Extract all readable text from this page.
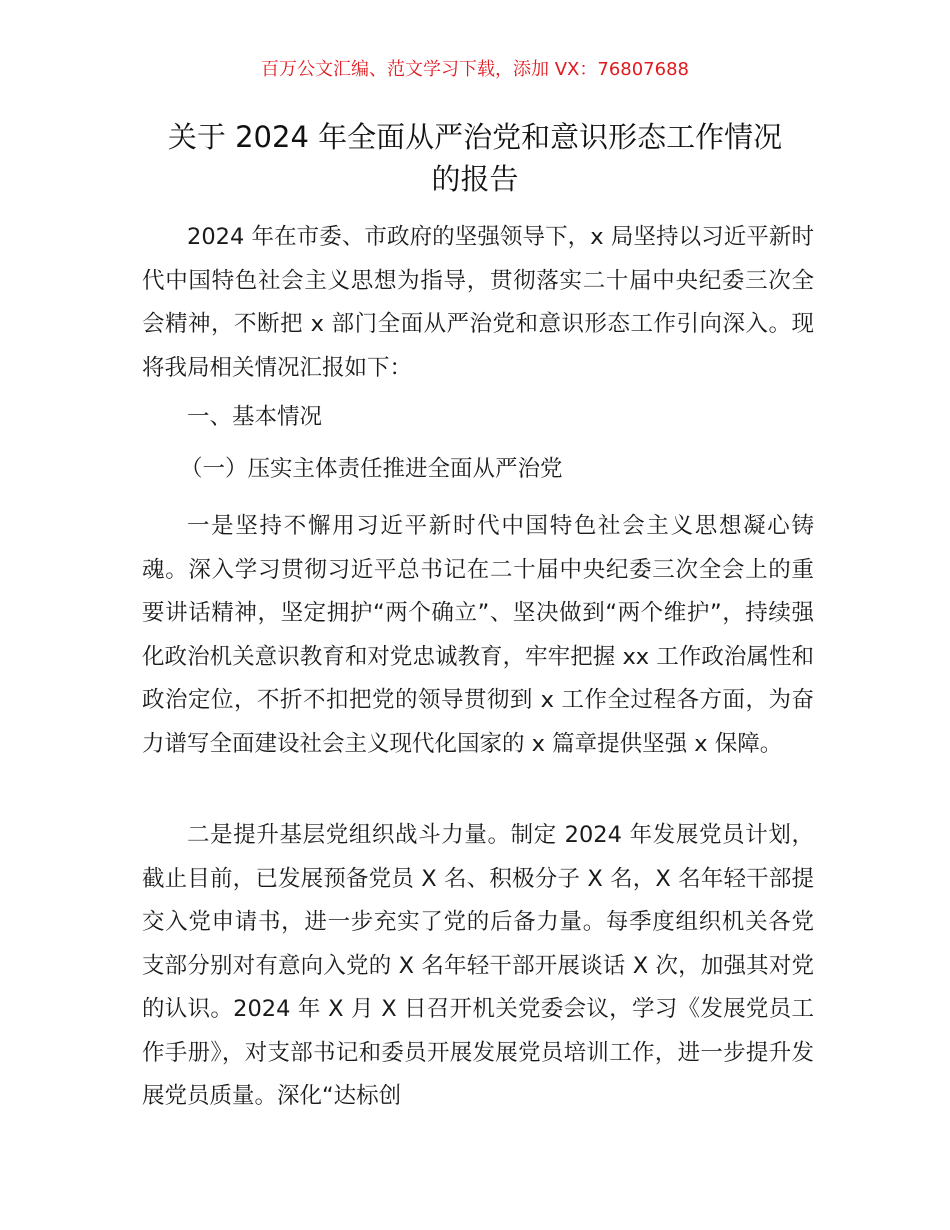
百万公文汇编、范文学习下载，添加 VX：76807688
关于 2024 年全面从严治党和意识形态工作情况
的报告

2024 年在市委、市政府的坚强领导下，x 局坚持以习近平新时代中国特色社会主义思想为指导，贯彻落实二十届中央纪委三次全会精神，不断把 x 部门全面从严治党和意识形态工作引向深入。现将我局相关情况汇报如下：

一、基本情况

（一）压实主体责任推进全面从严治党

一是坚持不懈用习近平新时代中国特色社会主义思想凝心铸魂。深入学习贯彻习近平总书记在二十届中央纪委三次全会上的重要讲话精神，坚定拥护“两个确立”、坚决做到“两个维护”，持续强化政治机关意识教育和对党忠诚教育，牢牢把握 xx 工作政治属性和政治定位，不折不扣把党的领导贯彻到 x 工作全过程各方面，为奋力谱写全面建设社会主义现代化国家的 x 篇章提供坚强 x 保障。

二是提升基层党组织战斗力量。制定 2024 年发展党员计划，截止目前，已发展预备党员 X 名、积极分子 X 名，X 名年轻干部提交入党申请书，进一步充实了党的后备力量。每季度组织机关各党支部分别对有意向入党的 X 名年轻干部开展谈话 X 次，加强其对党的认识。2024 年 X 月 X 日召开机关党委会议，学习《发展党员工作手册》，对支部书记和委员开展发展党员培训工作，进一步提升发展党员质量。深化“达标创
